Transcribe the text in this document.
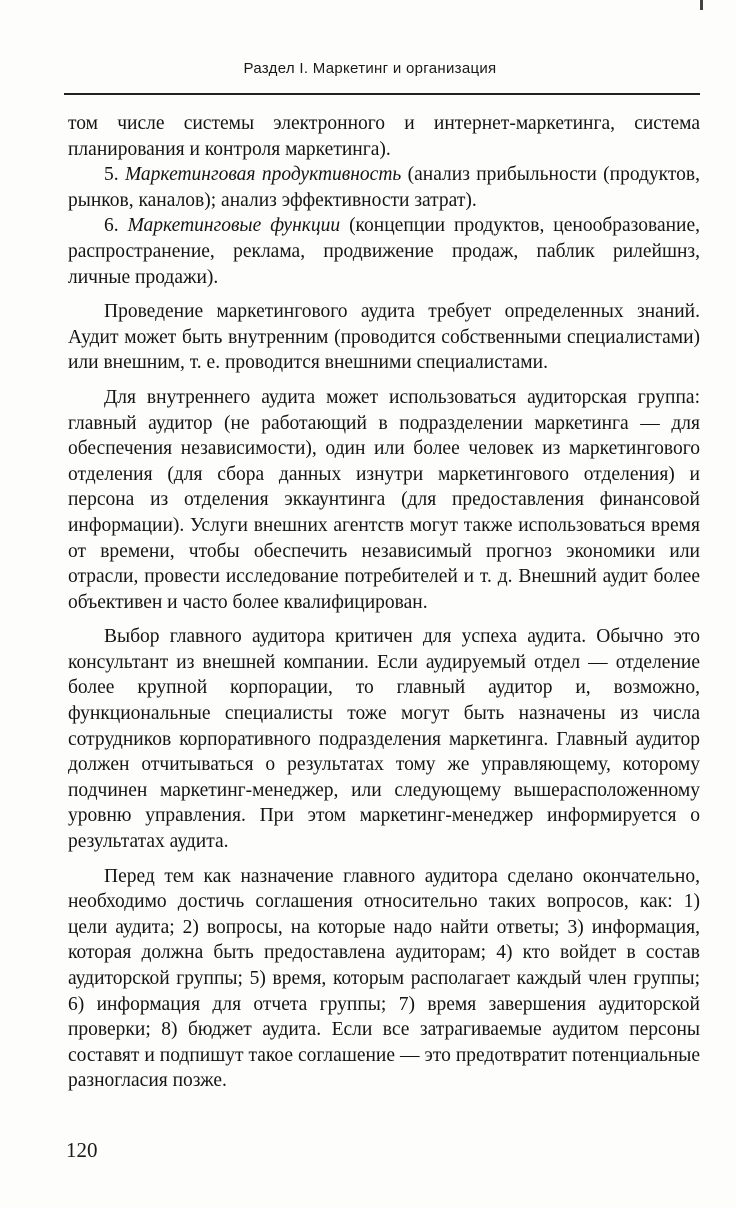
Раздел I. Маркетинг и организация

том числе системы электронного и интернет-маркетинга, система планирования и контроля маркетинга).

5. Маркетинговая продуктивность (анализ прибыльности (продуктов, рынков, каналов); анализ эффективности затрат).

6. Маркетинговые функции (концепции продуктов, ценообразование, распространение, реклама, продвижение продаж, паблик рилейшнз, личные продажи).

Проведение маркетингового аудита требует определенных знаний. Аудит может быть внутренним (проводится собственными специалистами) или внешним, т. е. проводится внешними специалистами.

Для внутреннего аудита может использоваться аудиторская группа: главный аудитор (не работающий в подразделении маркетинга — для обеспечения независимости), один или более человек из маркетингового отделения (для сбора данных изнутри маркетингового отделения) и персона из отделения эккаунтинга (для предоставления финансовой информации). Услуги внешних агентств могут также использоваться время от времени, чтобы обеспечить независимый прогноз экономики или отрасли, провести исследование потребителей и т. д. Внешний аудит более объективен и часто более квалифицирован.

Выбор главного аудитора критичен для успеха аудита. Обычно это консультант из внешней компании. Если аудируемый отдел — отделение более крупной корпорации, то главный аудитор и, возможно, функциональные специалисты тоже могут быть назначены из числа сотрудников корпоративного подразделения маркетинга. Главный аудитор должен отчитываться о результатах тому же управляющему, которому подчинен маркетинг-менеджер, или следующему вышерасположенному уровню управления. При этом маркетинг-менеджер информируется о результатах аудита.

Перед тем как назначение главного аудитора сделано окончательно, необходимо достичь соглашения относительно таких вопросов, как: 1) цели аудита; 2) вопросы, на которые надо найти ответы; 3) информация, которая должна быть предоставлена аудиторам; 4) кто войдет в состав аудиторской группы; 5) время, которым располагает каждый член группы; 6) информация для отчета группы; 7) время завершения аудиторской проверки; 8) бюджет аудита. Если все затрагиваемые аудитом персоны составят и подпишут такое соглашение — это предотвратит потенциальные разногласия позже.

120
